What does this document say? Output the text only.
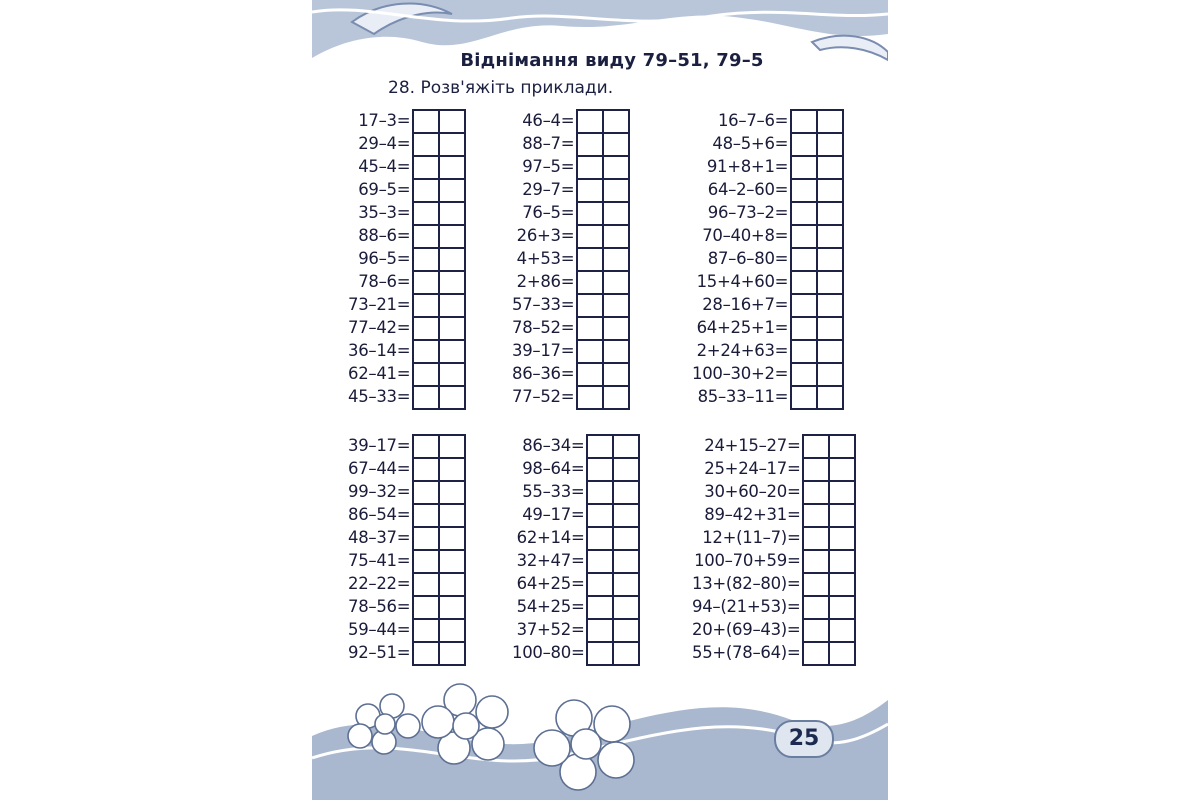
Віднімання виду 79–51, 79–5
28. Розв'яжіть приклади.
17–3=
29–4=
45–4=
69–5=
35–3=
88–6=
96–5=
78–6=
73–21=
77–42=
36–14=
62–41=
45–33=
46–4=
88–7=
97–5=
29–7=
76–5=
26+3=
4+53=
2+86=
57–33=
78–52=
39–17=
86–36=
77–52=
16–7–6=
48–5+6=
91+8+1=
64–2–60=
96–73–2=
70–40+8=
87–6–80=
15+4+60=
28–16+7=
64+25+1=
2+24+63=
100–30+2=
85–33–11=
39–17=
67–44=
99–32=
86–54=
48–37=
75–41=
22–22=
78–56=
59–44=
92–51=
86–34=
98–64=
55–33=
49–17=
62+14=
32+47=
64+25=
54+25=
37+52=
100–80=
24+15–27=
25+24–17=
30+60–20=
89–42+31=
12+(11–7)=
100–70+59=
13+(82–80)=
94–(21+53)=
20+(69–43)=
55+(78–64)=
25
